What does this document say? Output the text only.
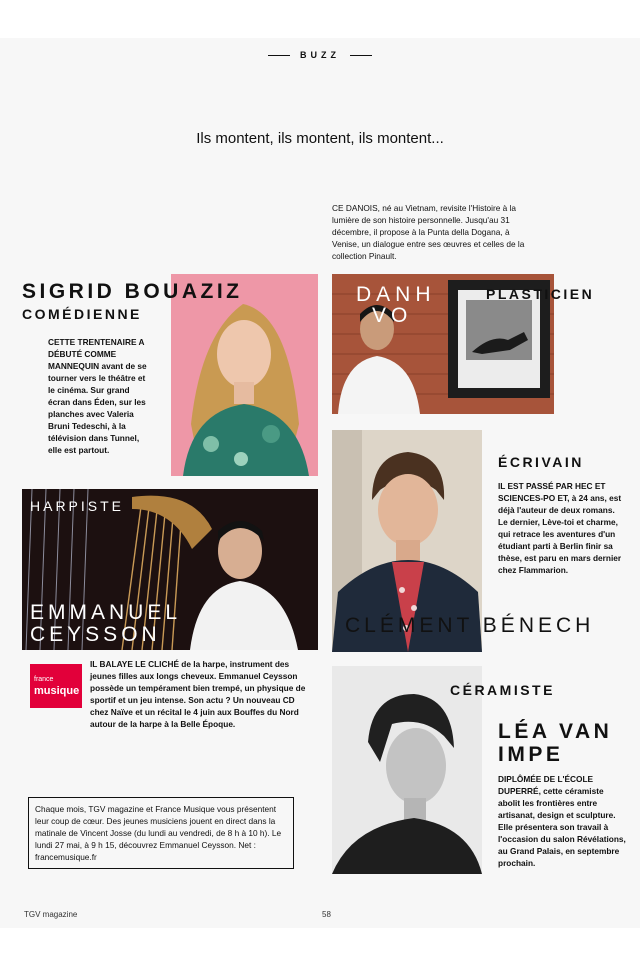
BUZZ
Ils montent, ils montent, ils montent...
CE DANOIS, né au Vietnam, revisite l'Histoire à la lumière de son histoire personnelle. Jusqu'au 31 décembre, il propose à la Punta della Dogana, à Venise, un dialogue entre ses œuvres et celles de la collection Pinault.
SIGRID BOUAZIZ
COMÉDIENNE
CETTE TRENTENAIRE A DÉBUTÉ COMME MANNEQUIN avant de se tourner vers le théâtre et le cinéma. Sur grand écran dans Éden, sur les planches avec Valeria Bruni Tedeschi, à la télévision dans Tunnel, elle est partout.
DANH
VO
PLASTICIEN
ÉCRIVAIN
IL EST PASSÉ PAR HEC ET SCIENCES-PO ET, à 24 ans, est déjà l'auteur de deux romans. Le dernier, Lève-toi et charme, qui retrace les aventures d'un étudiant parti à Berlin finir sa thèse, est paru en mars dernier chez Flammarion.
HARPISTE
EMMANUEL
CEYSSON	CLÉMENT BÉNECH
france
musique
IL BALAYE LE CLICHÉ de la harpe, instrument des jeunes filles aux longs cheveux. Emmanuel Ceysson possède un tempérament bien trempé, un physique de sportif et un jeu intense. Son actu ? Un nouveau CD chez Naïve et un récital le 4 juin aux Bouffes du Nord autour de la harpe à la Belle Époque.
CÉRAMISTE
LÉA VAN
IMPE
DIPLÔMÉE DE L'ÉCOLE DUPERRÉ, cette céramiste abolit les frontières entre artisanat, design et sculpture. Elle présentera son travail à l'occasion du salon Révélations, au Grand Palais, en septembre prochain.
Chaque mois, TGV magazine et France Musique vous présentent leur coup de cœur. Des jeunes musiciens jouent en direct dans la matinale de Vincent Josse (du lundi au vendredi, de 8 h à 10 h). Le lundi 27 mai, à 9 h 15, découvrez Emmanuel Ceysson. Net : francemusique.fr
TGV magazine	58
